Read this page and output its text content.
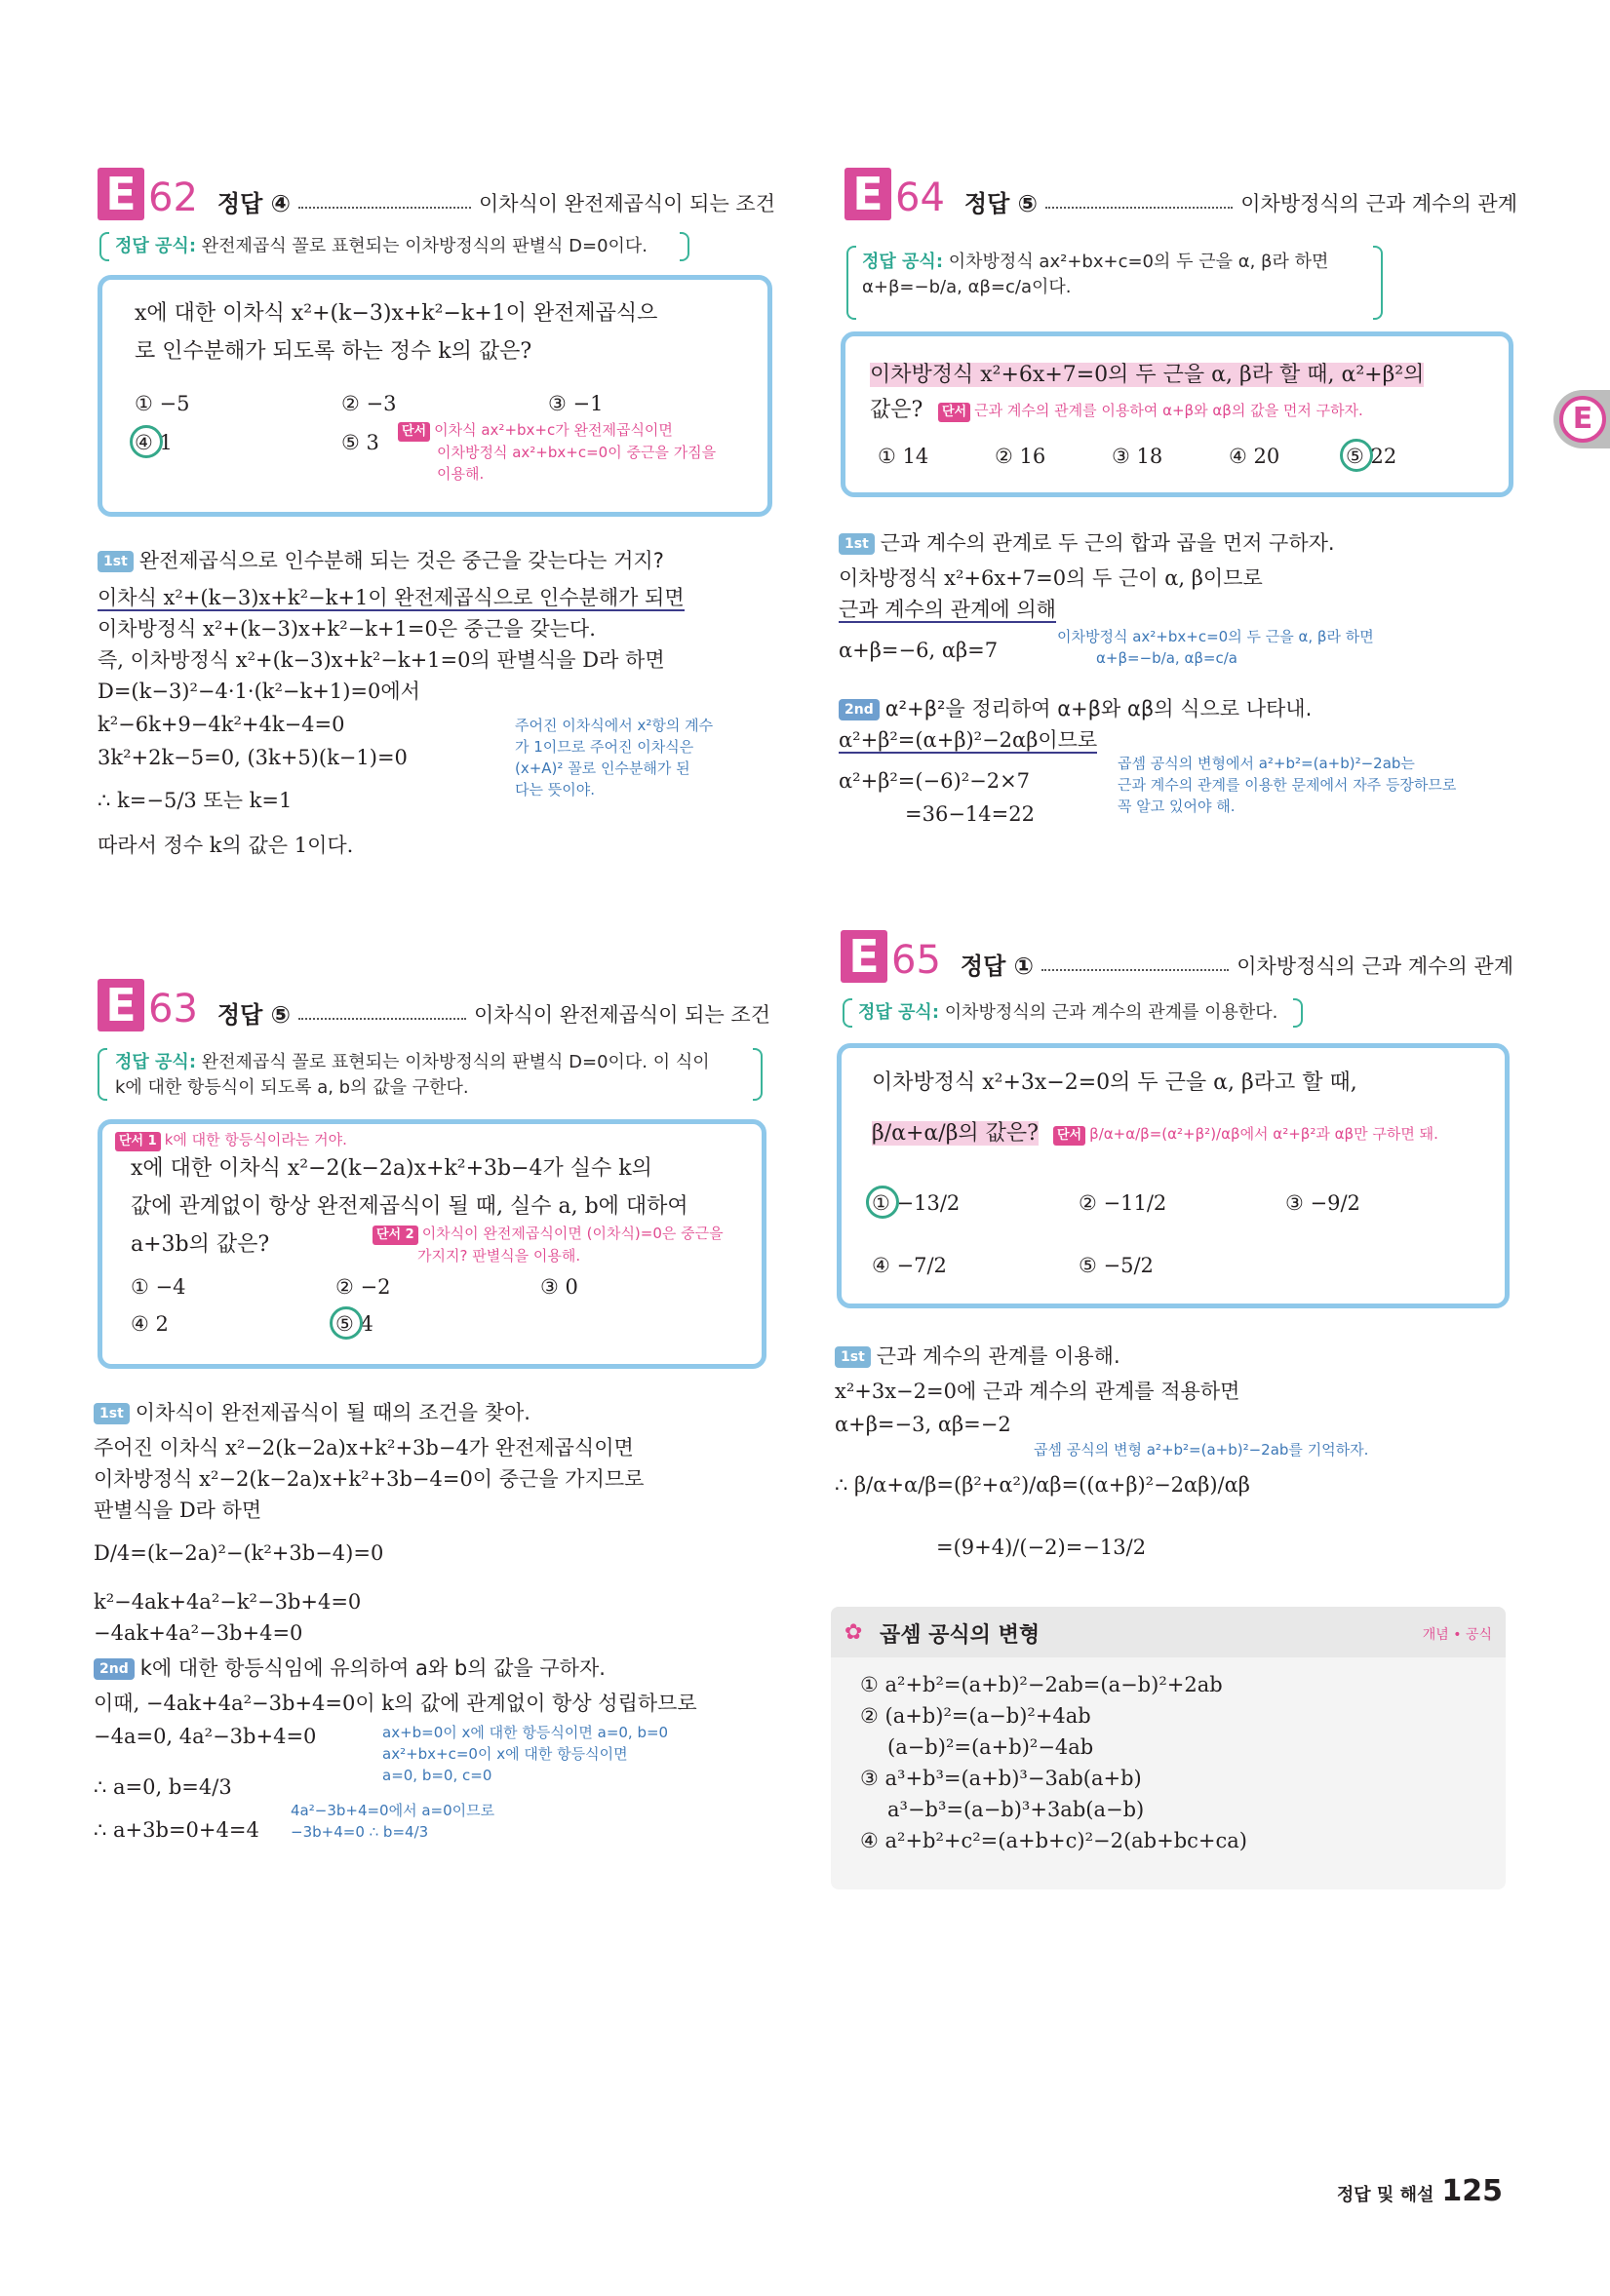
E
E 62 정답 ④	이차식이 완전제곱식이 되는 조건
정답 공식: 완전제곱식 꼴로 표현되는 이차방정식의 판별식 D=0이다.
x에 대한 이차식 x²+(k−3)x+k²−k+1이 완전제곱식으
로 인수분해가 되도록 하는 정수 k의 값은?
① −5	② −3	③ −1
④ 1	⑤ 3	단서 이차식 ax²+bx+c가 완전제곱식이면
이차방정식 ax²+bx+c=0이 중근을 가짐을
이용해.
1st 완전제곱식으로 인수분해 되는 것은 중근을 갖는다는 거지?
이차식 x²+(k−3)x+k²−k+1이 완전제곱식으로 인수분해가 되면
이차방정식 x²+(k−3)x+k²−k+1=0은 중근을 갖는다.
즉, 이차방정식 x²+(k−3)x+k²−k+1=0의 판별식을 D라 하면
D=(k−3)²−4·1·(k²−k+1)=0에서
k²−6k+9−4k²+4k−4=0
3k²+2k−5=0, (3k+5)(k−1)=0
∴ k=−5/3 또는 k=1
따라서 정수 k의 값은 1이다.
주어진 이차식에서 x²항의 계수
가 1이므로 주어진 이차식은
(x+A)² 꼴로 인수분해가 된
다는 뜻이야.
E 63 정답 ⑤	이차식이 완전제곱식이 되는 조건
정답 공식: 완전제곱식 꼴로 표현되는 이차방정식의 판별식 D=0이다. 이 식이
k에 대한 항등식이 되도록 a, b의 값을 구한다.
단서 1 k에 대한 항등식이라는 거야.
x에 대한 이차식 x²−2(k−2a)x+k²+3b−4가 실수 k의
값에 관계없이 항상 완전제곱식이 될 때, 실수 a, b에 대하여
a+3b의 값은?	단서 2 이차식이 완전제곱식이면 (이차식)=0은 중근을
가지지? 판별식을 이용해.
① −4	② −2	③ 0
④ 2	⑤ 4
1st 이차식이 완전제곱식이 될 때의 조건을 찾아.
주어진 이차식 x²−2(k−2a)x+k²+3b−4가 완전제곱식이면
이차방정식 x²−2(k−2a)x+k²+3b−4=0이 중근을 가지므로
판별식을 D라 하면
D/4=(k−2a)²−(k²+3b−4)=0
k²−4ak+4a²−k²−3b+4=0
−4ak+4a²−3b+4=0
2nd k에 대한 항등식임에 유의하여 a와 b의 값을 구하자.
이때, −4ak+4a²−3b+4=0이 k의 값에 관계없이 항상 성립하므로
−4a=0, 4a²−3b+4=0
∴ a=0, b=4/3
∴ a+3b=0+4=4
ax+b=0이 x에 대한 항등식이면 a=0, b=0
ax²+bx+c=0이 x에 대한 항등식이면
a=0, b=0, c=0
4a²−3b+4=0에서 a=0이므로
−3b+4=0 ∴ b=4/3
E 64 정답 ⑤	이차방정식의 근과 계수의 관계
정답 공식: 이차방정식 ax²+bx+c=0의 두 근을 α, β라 하면
α+β=−b/a, αβ=c/a이다.
이차방정식 x²+6x+7=0의 두 근을 α, β라 할 때, α²+β²의
값은?	단서 근과 계수의 관계를 이용하여 α+β와 αβ의 값을 먼저 구하자.
① 14	② 16	③ 18	④ 20	⑤ 22
1st 근과 계수의 관계로 두 근의 합과 곱을 먼저 구하자.
이차방정식 x²+6x+7=0의 두 근이 α, β이므로
근과 계수의 관계에 의해
α+β=−6, αβ=7
이차방정식 ax²+bx+c=0의 두 근을 α, β라 하면
α+β=−b/a, αβ=c/a
2nd α²+β²을 정리하여 α+β와 αβ의 식으로 나타내.
α²+β²=(α+β)²−2αβ이므로
α²+β²=(−6)²−2×7
=36−14=22
곱셈 공식의 변형에서 a²+b²=(a+b)²−2ab는
근과 계수의 관계를 이용한 문제에서 자주 등장하므로
꼭 알고 있어야 해.
E 65 정답 ①	이차방정식의 근과 계수의 관계
정답 공식: 이차방정식의 근과 계수의 관계를 이용한다.
이차방정식 x²+3x−2=0의 두 근을 α, β라고 할 때,
β/α+α/β의 값은?	단서 β/α+α/β=(α²+β²)/αβ에서 α²+β²과 αβ만 구하면 돼.
① −13/2	② −11/2	③ −9/2
④ −7/2	⑤ −5/2
1st 근과 계수의 관계를 이용해.
x²+3x−2=0에 근과 계수의 관계를 적용하면
α+β=−3, αβ=−2
곱셈 공식의 변형 a²+b²=(a+b)²−2ab를 기억하자.
∴ β/α+α/β=(β²+α²)/αβ=((α+β)²−2αβ)/αβ
=(9+4)/(−2)=−13/2
✿ 곱셈 공식의 변형	개념 • 공식
① a²+b²=(a+b)²−2ab=(a−b)²+2ab
② (a+b)²=(a−b)²+4ab
(a−b)²=(a+b)²−4ab
③ a³+b³=(a+b)³−3ab(a+b)
a³−b³=(a−b)³+3ab(a−b)
④ a²+b²+c²=(a+b+c)²−2(ab+bc+ca)
정답 및 해설 125
